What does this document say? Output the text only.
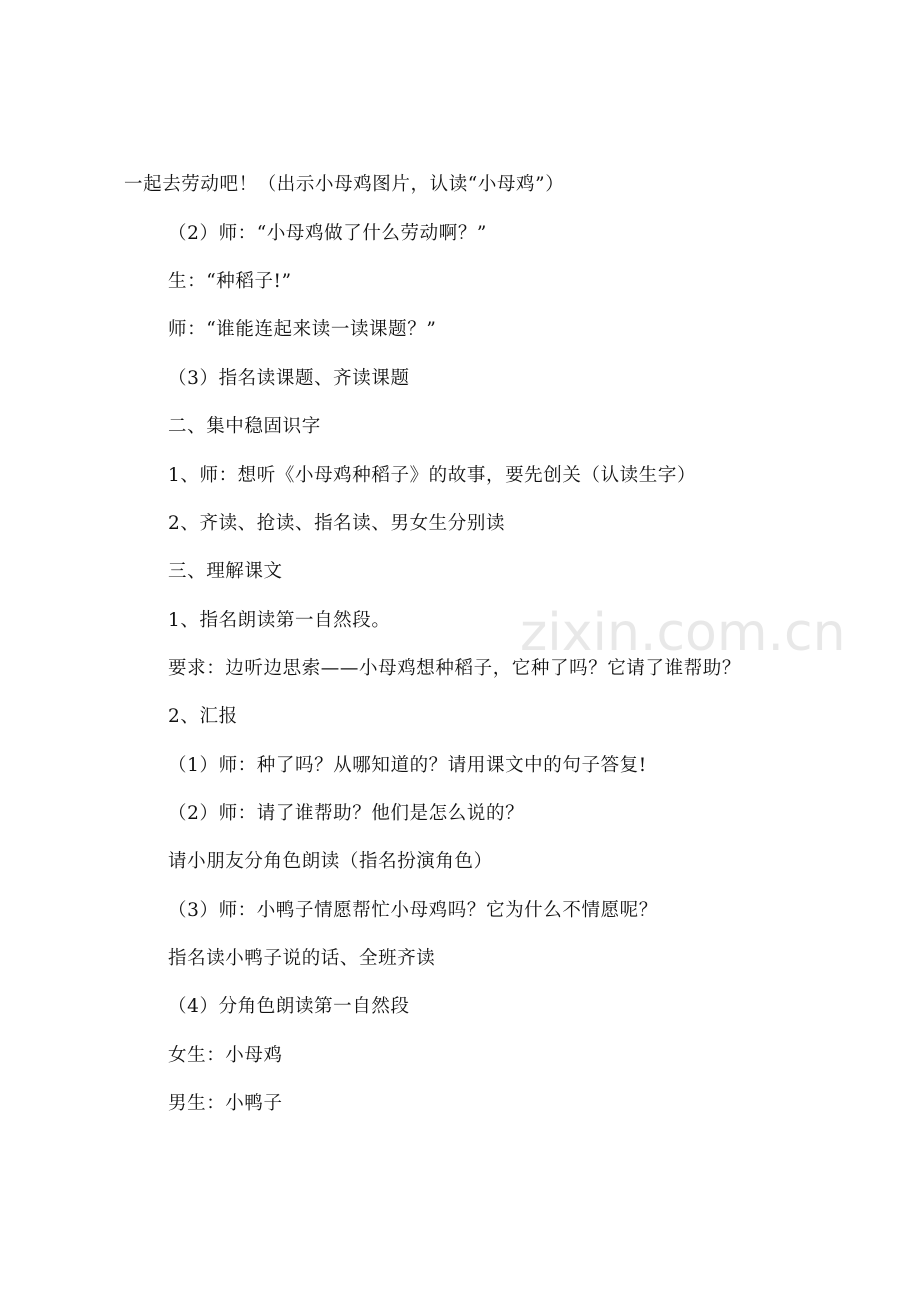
一起去劳动吧！（出示小母鸡图片，认读“小母鸡”）

（2）师：“小母鸡做了什么劳动啊？”

生：“种稻子!”

师：“谁能连起来读一读课题？”

（3）指名读课题、齐读课题

二、集中稳固识字

1、师：想听《小母鸡种稻子》的故事，要先创关（认读生字）

2、齐读、抢读、指名读、男女生分别读

三、理解课文

1、指名朗读第一自然段。

要求：边听边思索——小母鸡想种稻子，它种了吗？它请了谁帮助？

2、汇报

（1）师：种了吗？从哪知道的？请用课文中的句子答复!

（2）师：请了谁帮助？他们是怎么说的？

请小朋友分角色朗读（指名扮演角色）

（3）师：小鸭子情愿帮忙小母鸡吗？它为什么不情愿呢？

指名读小鸭子说的话、全班齐读

（4）分角色朗读第一自然段

女生：小母鸡

男生：小鸭子

zixin.com.cn
